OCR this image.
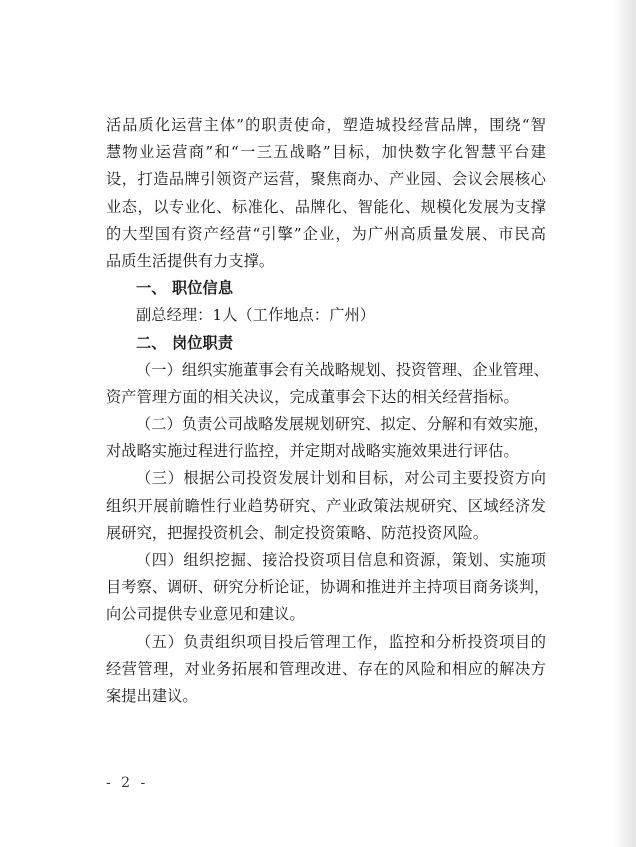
活品质化运营主体”的职责使命，塑造城投经营品牌，围绕“智
慧物业运营商”和“一三五战略”目标，加快数字化智慧平台建
设，打造品牌引领资产运营，聚焦商办、产业园、会议会展核心
业态，以专业化、标准化、品牌化、智能化、规模化发展为支撑
的大型国有资产经营“引擎”企业，为广州高质量发展、市民高
品质生活提供有力支撑。
一、 职位信息
副总经理：1人（工作地点：广州）
二、 岗位职责
（一）组织实施董事会有关战略规划、投资管理、企业管理、
资产管理方面的相关决议，完成董事会下达的相关经营指标。
（二）负责公司战略发展规划研究、拟定、分解和有效实施，
对战略实施过程进行监控，并定期对战略实施效果进行评估。
（三）根据公司投资发展计划和目标，对公司主要投资方向
组织开展前瞻性行业趋势研究、产业政策法规研究、区域经济发
展研究，把握投资机会、制定投资策略、防范投资风险。
（四）组织挖掘、接洽投资项目信息和资源，策划、实施项
目考察、调研、研究分析论证，协调和推进并主持项目商务谈判，
向公司提供专业意见和建议。
（五）负责组织项目投后管理工作，监控和分析投资项目的
经营管理，对业务拓展和管理改进、存在的风险和相应的解决方
案提出建议。
- 2 -
